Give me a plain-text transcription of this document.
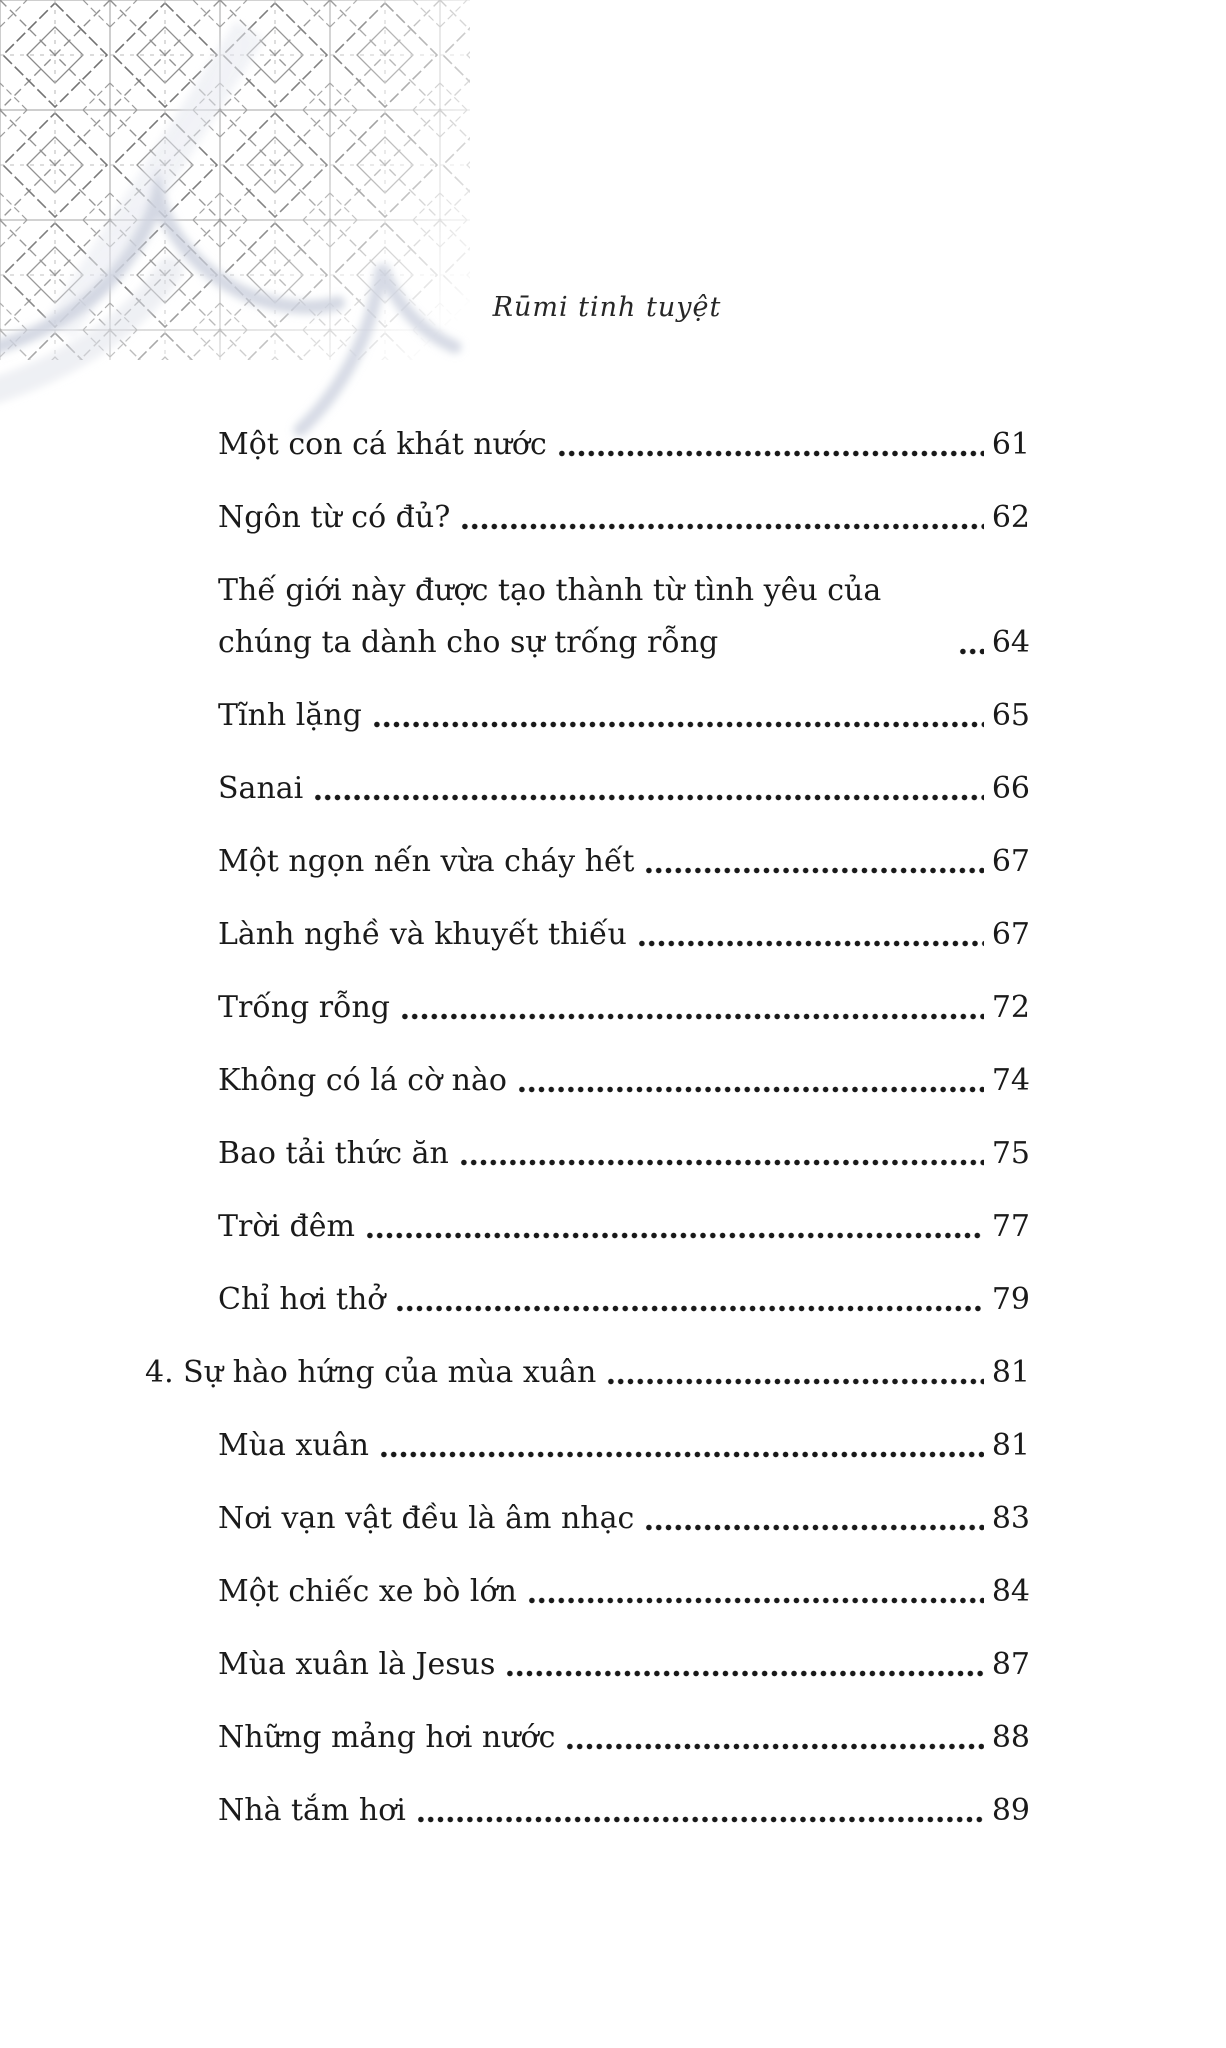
Rūmi tinh tuyệt
Một con cá khát nước	61
Ngôn từ có đủ?	62
Thế giới này được tạo thành từ tình yêu của chúng ta dành cho sự trống rỗng	64
Tĩnh lặng	65
Sanai	66
Một ngọn nến vừa cháy hết	67
Lành nghề và khuyết thiếu	67
Trống rỗng	72
Không có lá cờ nào	74
Bao tải thức ăn	75
Trời đêm	77
Chỉ hơi thở	79
4. Sự hào hứng của mùa xuân	81
Mùa xuân	81
Nơi vạn vật đều là âm nhạc	83
Một chiếc xe bò lớn	84
Mùa xuân là Jesus	87
Những mảng hơi nước	88
Nhà tắm hơi	89
